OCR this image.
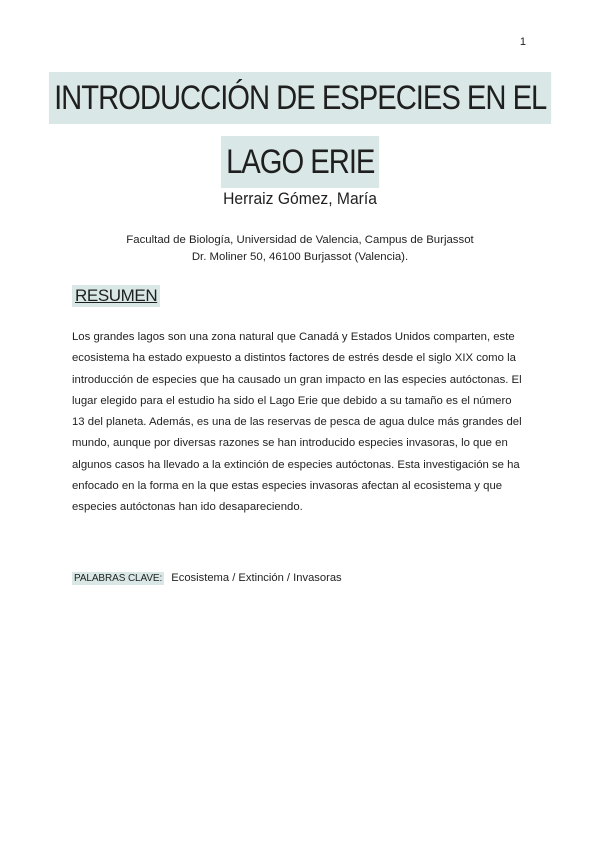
1
INTRODUCCIÓN DE ESPECIES EN EL
LAGO ERIE
Herraiz Gómez, María
Facultad de Biología, Universidad de Valencia, Campus de Burjassot
Dr. Moliner 50, 46100 Burjassot (Valencia).
RESUMEN
Los grandes lagos son una zona natural que Canadá y Estados Unidos comparten, este ecosistema ha estado expuesto a distintos factores de estrés desde el siglo XIX como la introducción de especies que ha causado un gran impacto en las especies autóctonas. El lugar elegido para el estudio ha sido el Lago Erie que debido a su tamaño es el número 13 del planeta. Además, es una de las reservas de pesca de agua dulce más grandes del mundo, aunque por diversas razones se han introducido especies invasoras, lo que en algunos casos ha llevado a la extinción de especies autóctonas. Esta investigación se ha enfocado en la forma en la que estas especies invasoras afectan al ecosistema y que especies autóctonas han ido desapareciendo.
PALABRAS CLAVE: Ecosistema / Extinción / Invasoras
